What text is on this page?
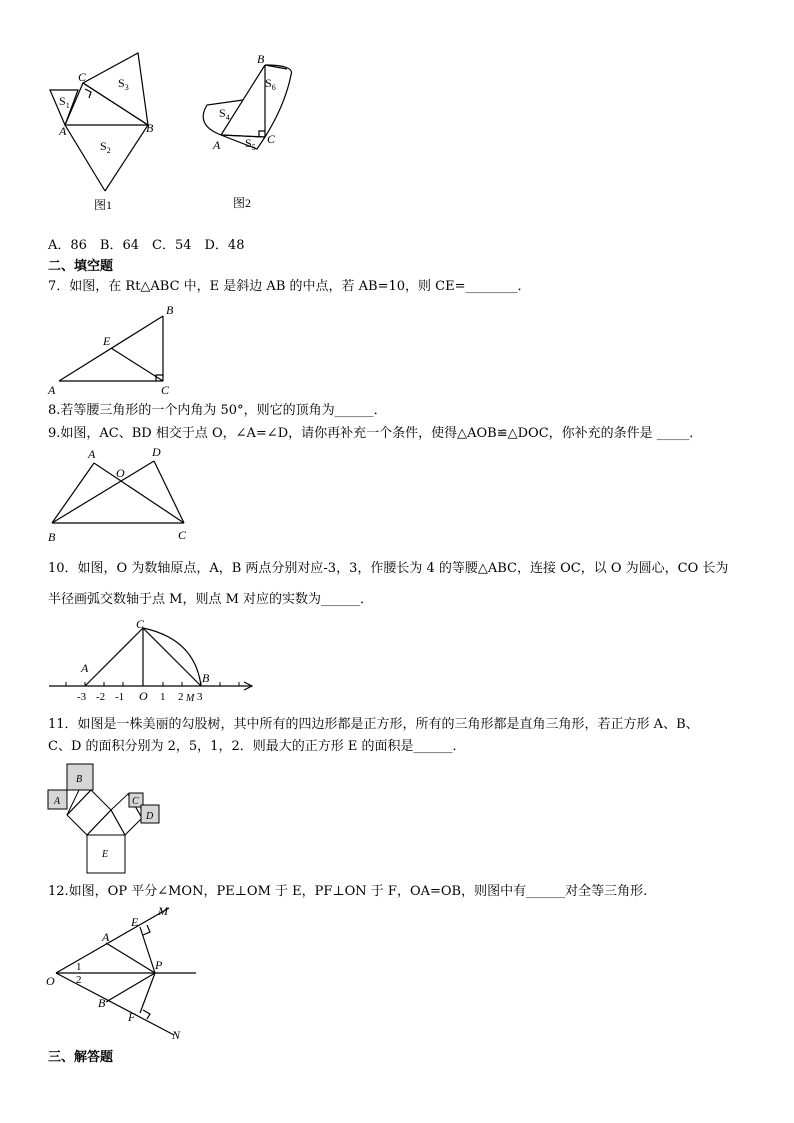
C
A	B
$S_1$
$S_2$
$S_3$
图1
B
A	C
$S_4$
$S_5$
$S_6$
图2
A．86　B．64　C．54　D．48
二、填空题
7．如图，在 Rt△ABC 中，E 是斜边 AB 的中点，若 AB=10，则 CE=________．
B
A	C
E
8.若等腰三角形的一个内角为 50°，则它的顶角为______．
9.如图，AC、BD 相交于点 O，∠A=∠D，请你再补充一个条件，使得△AOB≌△DOC，你补充的条件是 _____．
A	D
O
B	C
10．如图，O 为数轴原点，A，B 两点分别对应-3，3，作腰长为 4 的等腰△ABC，连接 OC，以 O 为圆心，CO 长为
半径画弧交数轴于点 M，则点 M 对应的实数为______．
C
A
B
O	M
-3 -2 -1	1 2 3
11．如图是一株美丽的勾股树，其中所有的四边形都是正方形，所有的三角形都是直角三角形，若正方形 A、B、
C、D 的面积分别为 2，5，1，2．则最大的正方形 E 的面积是______．
B
A	C
D
E
12.如图，OP 平分∠MON，PE⊥OM 于 E，PF⊥ON 于 F，OA=OB，则图中有______对全等三角形.
M
E
A
O
1
2
P
B
F
N
三、解答题
